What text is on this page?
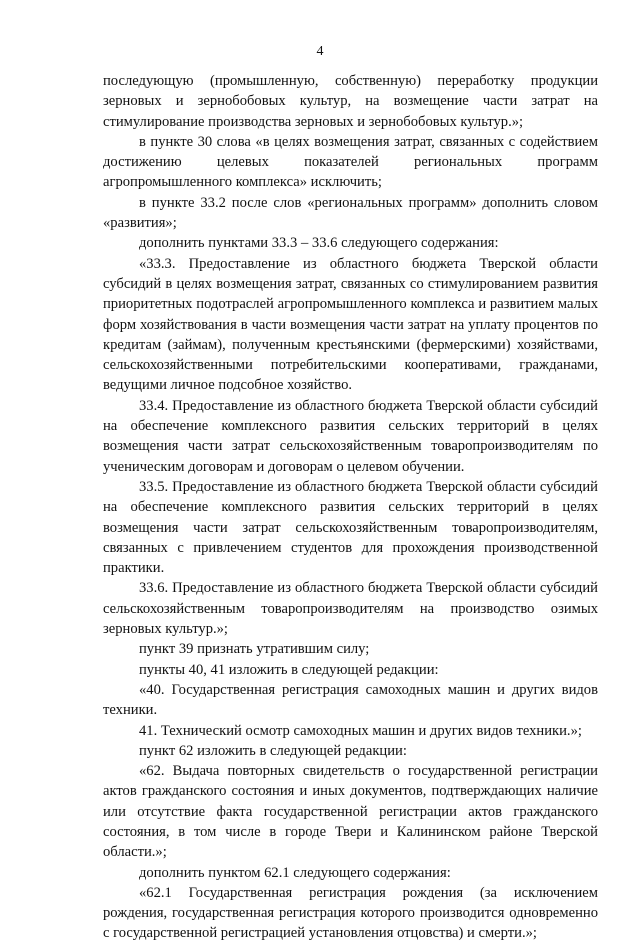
4

последующую (промышленную, собственную) переработку продукции зерновых и зернобобовых культур, на возмещение части затрат на стимулирование производства зерновых и зернобобовых культур.»;

в пункте 30 слова «в целях возмещения затрат, связанных с содействием достижению целевых показателей региональных программ агропромышленного комплекса» исключить;

в пункте 33.2 после слов «региональных программ» дополнить словом «развития»;

дополнить пунктами 33.3 – 33.6 следующего содержания:

«33.3. Предоставление из областного бюджета Тверской области субсидий в целях возмещения затрат, связанных со стимулированием развития приоритетных подотраслей агропромышленного комплекса и развитием малых форм хозяйствования в части возмещения части затрат на уплату процентов по кредитам (займам), полученным крестьянскими (фермерскими) хозяйствами, сельскохозяйственными потребительскими кооперативами, гражданами, ведущими личное подсобное хозяйство.

33.4. Предоставление из областного бюджета Тверской области субсидий на обеспечение комплексного развития сельских территорий в целях возмещения части затрат сельскохозяйственным товаропроизводителям по ученическим договорам и договорам о целевом обучении.

33.5. Предоставление из областного бюджета Тверской области субсидий на обеспечение комплексного развития сельских территорий в целях возмещения части затрат сельскохозяйственным товаропроизводителям, связанных с привлечением студентов для прохождения производственной практики.

33.6. Предоставление из областного бюджета Тверской области субсидий сельскохозяйственным товаропроизводителям на производство озимых зерновых культур.»;

пункт 39 признать утратившим силу;

пункты 40, 41 изложить в следующей редакции:

«40. Государственная регистрация самоходных машин и других видов техники.

41. Технический осмотр самоходных машин и других видов техники.»;

пункт 62 изложить в следующей редакции:

«62. Выдача повторных свидетельств о государственной регистрации актов гражданского состояния и иных документов, подтверждающих наличие или отсутствие факта государственной регистрации актов гражданского состояния, в том числе в городе Твери и Калининском районе Тверской области.»;

дополнить пунктом 62.1 следующего содержания:

«62.1 Государственная регистрация рождения (за исключением рождения, государственная регистрация которого производится одновременно с государственной регистрацией установления отцовства) и смерти.»;
